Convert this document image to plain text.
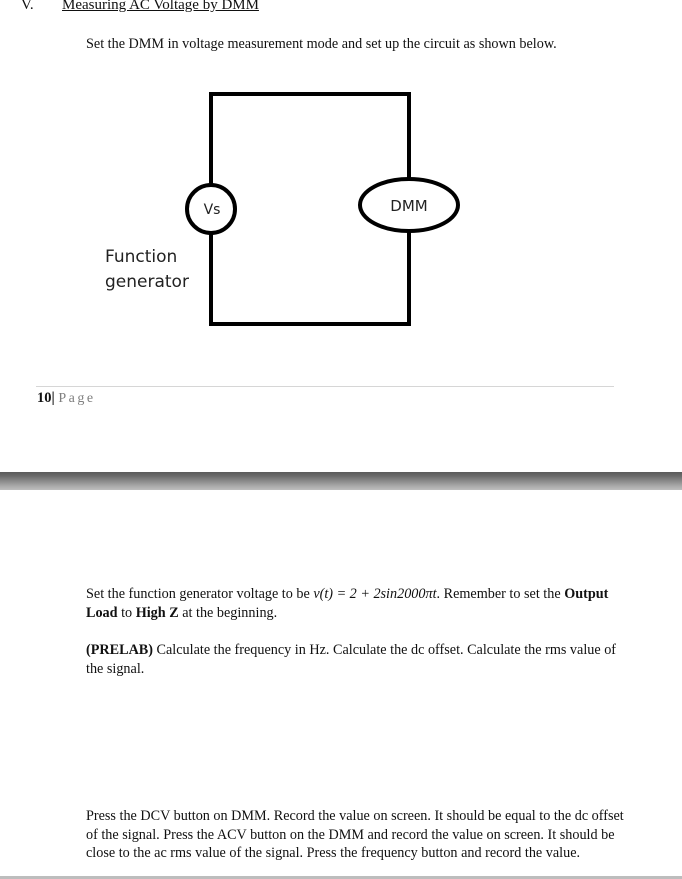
V. Measuring AC Voltage by DMM
Set the DMM in voltage measurement mode and set up the circuit as shown below.
Vs	DMM
Function
generator
10| Page
Set the function generator voltage to be v(t) = 2 + 2sin2000πt. Remember to set the Output Load to High Z at the beginning.
(PRELAB) Calculate the frequency in Hz. Calculate the dc offset. Calculate the rms value of the signal.
Press the DCV button on DMM. Record the value on screen. It should be equal to the dc offset of the signal. Press the ACV button on the DMM and record the value on screen. It should be close to the ac rms value of the signal. Press the frequency button and record the value.
